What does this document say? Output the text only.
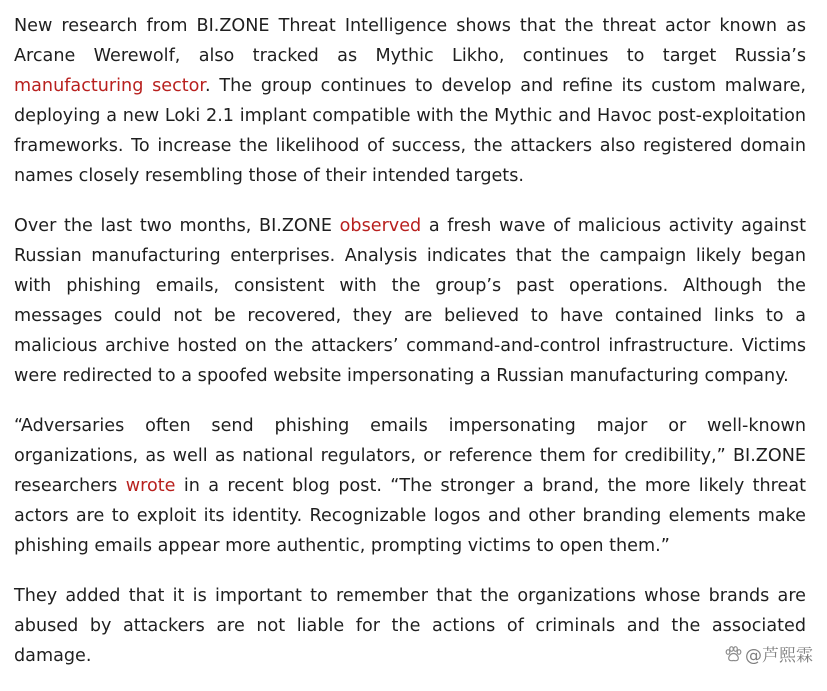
New research from BI.ZONE Threat Intelligence shows that the threat actor known as Arcane Werewolf, also tracked as Mythic Likho, continues to target Russia’s manufacturing sector. The group continues to develop and refine its custom malware, deploying a new Loki 2.1 implant compatible with the Mythic and Havoc post-exploitation frameworks. To increase the likelihood of success, the attackers also registered domain names closely resembling those of their intended targets.

Over the last two months, BI.ZONE observed a fresh wave of malicious activity against Russian manufacturing enterprises. Analysis indicates that the campaign likely began with phishing emails, consistent with the group’s past operations. Although the messages could not be recovered, they are believed to have contained links to a malicious archive hosted on the attackers’ command-and-control infrastructure. Victims were redirected to a spoofed website impersonating a Russian manufacturing company.

“Adversaries often send phishing emails impersonating major or well-known organizations, as well as national regulators, or reference them for credibility,” BI.ZONE researchers wrote in a recent blog post. “The stronger a brand, the more likely threat actors are to exploit its identity. Recognizable logos and other branding elements make phishing emails appear more authentic, prompting victims to open them.”

They added that it is important to remember that the organizations whose brands are abused by attackers are not liable for the actions of criminals and the associated damage.	@芦熙霖
